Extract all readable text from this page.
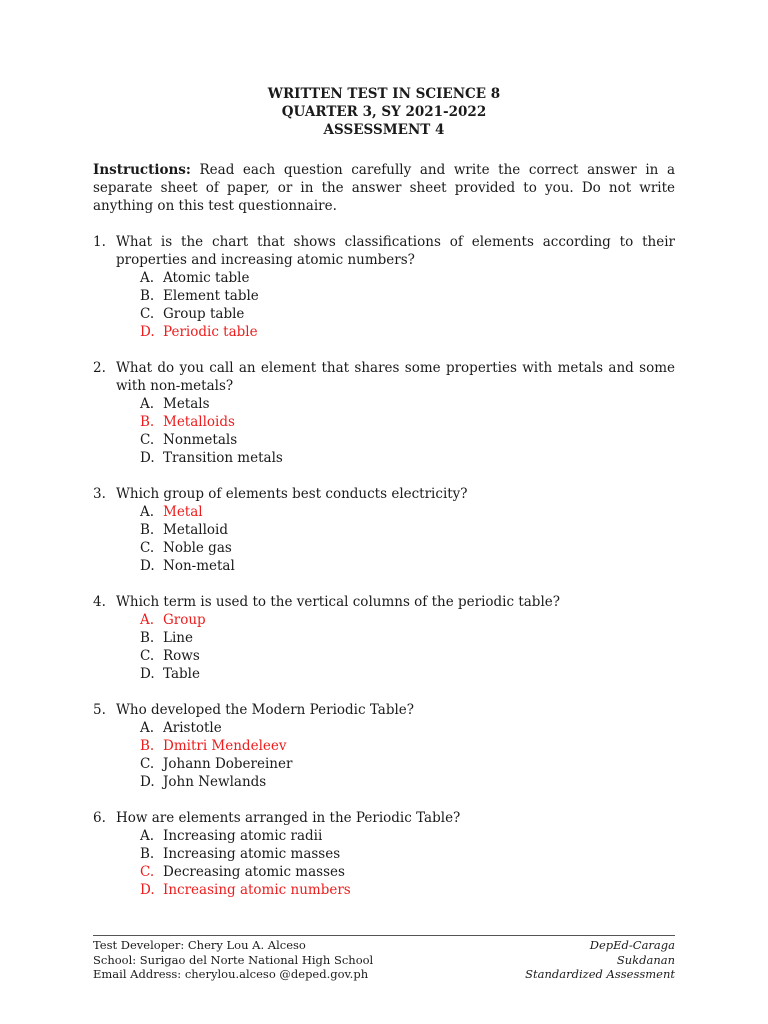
WRITTEN TEST IN SCIENCE 8
QUARTER 3, SY 2021-2022
ASSESSMENT 4
Instructions: Read each question carefully and write the correct answer in a separate sheet of paper, or in the answer sheet provided to you. Do not write anything on this test questionnaire.
1. What is the chart that shows classifications of elements according to their properties and increasing atomic numbers?
A. Atomic table
B. Element table
C. Group table
D. Periodic table
2. What do you call an element that shares some properties with metals and some with non-metals?
A. Metals
B. Metalloids
C. Nonmetals
D. Transition metals
3. Which group of elements best conducts electricity?
A. Metal
B. Metalloid
C. Noble gas
D. Non-metal
4. Which term is used to the vertical columns of the periodic table?
A. Group
B. Line
C. Rows
D. Table
5. Who developed the Modern Periodic Table?
A. Aristotle
B. Dmitri Mendeleev
C. Johann Dobereiner
D. John Newlands
6. How are elements arranged in the Periodic Table?
A. Increasing atomic radii
B. Increasing atomic masses
C. Decreasing atomic masses
D. Increasing atomic numbers
Test Developer: Chery Lou A. Alceso	DepEd-Caraga
School: Surigao del Norte National High School	Sukdanan
Email Address: cherylou.alceso @deped.gov.ph	Standardized Assessment
